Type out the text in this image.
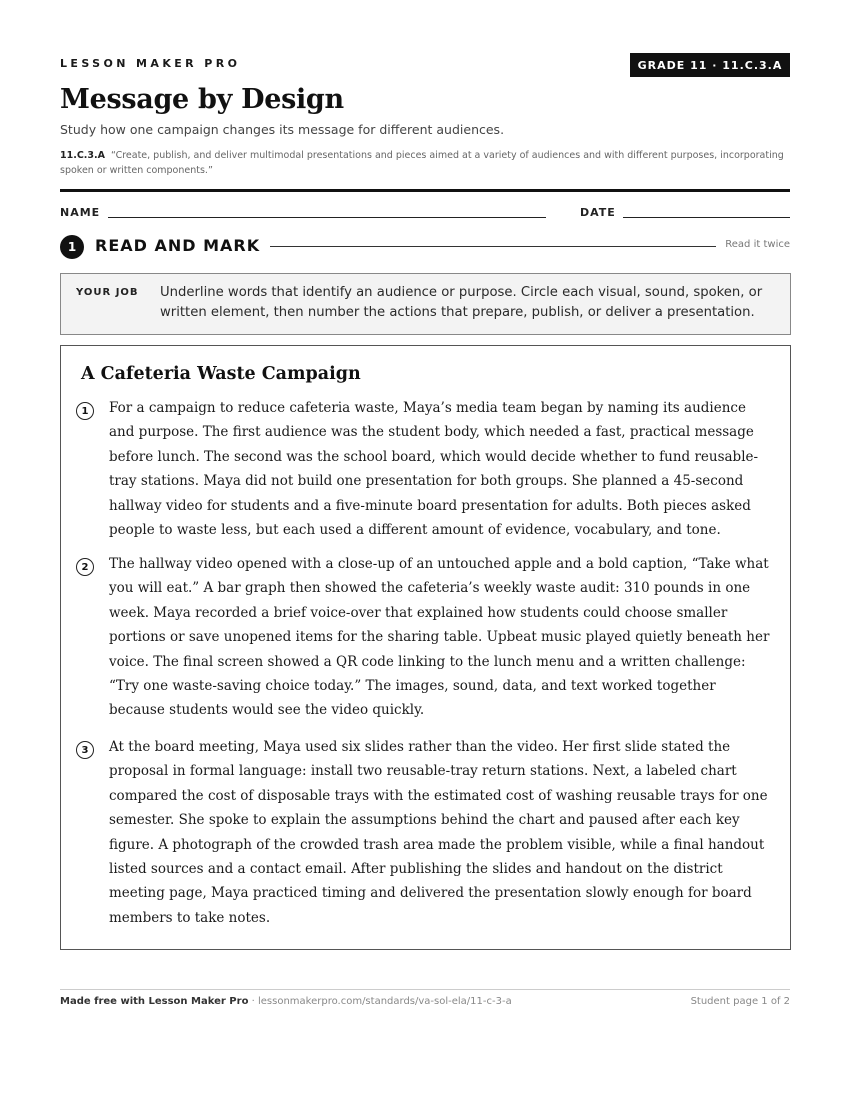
LESSON MAKER PRO	GRADE 11 · 11.C.3.A
Message by Design
Study how one campaign changes its message for different audiences.
11.C.3.A “Create, publish, and deliver multimodal presentations and pieces aimed at a variety of audiences and with different purposes, incorporating spoken or written components.”
NAME	DATE
1	READ AND MARK	Read it twice
YOUR JOB Underline words that identify an audience or purpose. Circle each visual, sound, spoken, or written element, then number the actions that prepare, publish, or deliver a presentation.
A Cafeteria Waste Campaign
1	For a campaign to reduce cafeteria waste, Maya’s media team began by naming its audience and purpose. The first audience was the student body, which needed a fast, practical message before lunch. The second was the school board, which would decide whether to fund reusable-tray stations. Maya did not build one presentation for both groups. She planned a 45-second hallway video for students and a five-minute board presentation for adults. Both pieces asked people to waste less, but each used a different amount of evidence, vocabulary, and tone.
2	The hallway video opened with a close-up of an untouched apple and a bold caption, “Take what you will eat.” A bar graph then showed the cafeteria’s weekly waste audit: 310 pounds in one week. Maya recorded a brief voice-over that explained how students could choose smaller portions or save unopened items for the sharing table. Upbeat music played quietly beneath her voice. The final screen showed a QR code linking to the lunch menu and a written challenge: “Try one waste-saving choice today.” The images, sound, data, and text worked together because students would see the video quickly.
3	At the board meeting, Maya used six slides rather than the video. Her first slide stated the proposal in formal language: install two reusable-tray return stations. Next, a labeled chart compared the cost of disposable trays with the estimated cost of washing reusable trays for one semester. She spoke to explain the assumptions behind the chart and paused after each key figure. A photograph of the crowded trash area made the problem visible, while a final handout listed sources and a contact email. After publishing the slides and handout on the district meeting page, Maya practiced timing and delivered the presentation slowly enough for board members to take notes.
Made free with Lesson Maker Pro · lessonmakerpro.com/standards/va-sol-ela/11-c-3-a	Student page 1 of 2
